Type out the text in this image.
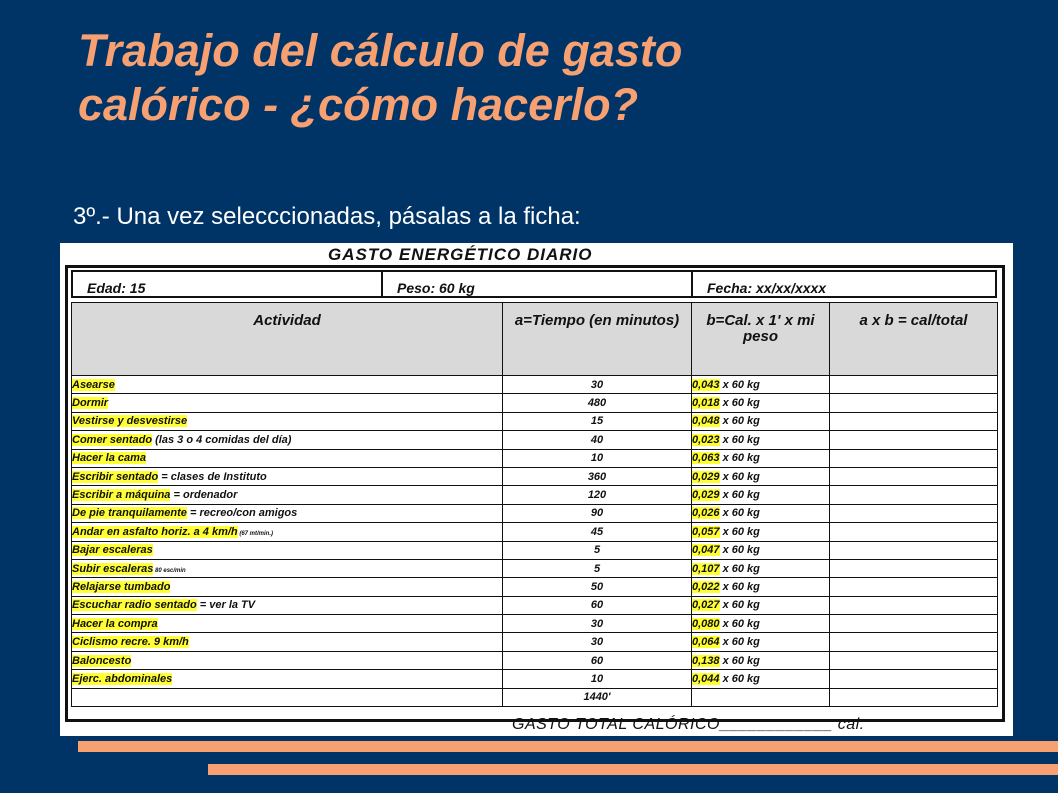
Trabajo del cálculo de gasto
calórico - ¿cómo hacerlo?

3º.- Una vez selecccionadas, pásalas a la ficha:

GASTO ENERGÉTICO DIARIO
Edad: 15	Peso: 60 kg	Fecha: xx/xx/xxxx
Actividad	a=Tiempo (en minutos)	b=Cal. x 1' x mi peso	a x b = cal/total
Asearse	30	0,043 x 60 kg	
Dormir	480	0,018 x 60 kg	
Vestirse y desvestirse	15	0,048 x 60 kg	
Comer sentado (las 3 o 4 comidas del día)	40	0,023 x 60 kg	
Hacer la cama	10	0,063 x 60 kg	
Escribir sentado = clases de Instituto	360	0,029 x 60 kg	
Escribir a máquina = ordenador	120	0,029 x 60 kg	
De pie tranquilamente = recreo/con amigos	90	0,026 x 60 kg	
Andar en asfalto horiz. a 4 km/h (67 mt/min.)	45	0,057 x 60 kg	
Bajar escaleras	5	0,047 x 60 kg	
Subir escaleras 80 esc/min	5	0,107 x 60 kg	
Relajarse tumbado	50	0,022 x 60 kg	
Escuchar radio sentado = ver la TV	60	0,027 x 60 kg	
Hacer la compra	30	0,080 x 60 kg	
Ciclismo recre. 9 km/h	30	0,064 x 60 kg	
Baloncesto	60	0,138 x 60 kg	
Ejerc. abdominales	10	0,044 x 60 kg	
	1440'		
GASTO TOTAL CALÓRICO____________ cal.
